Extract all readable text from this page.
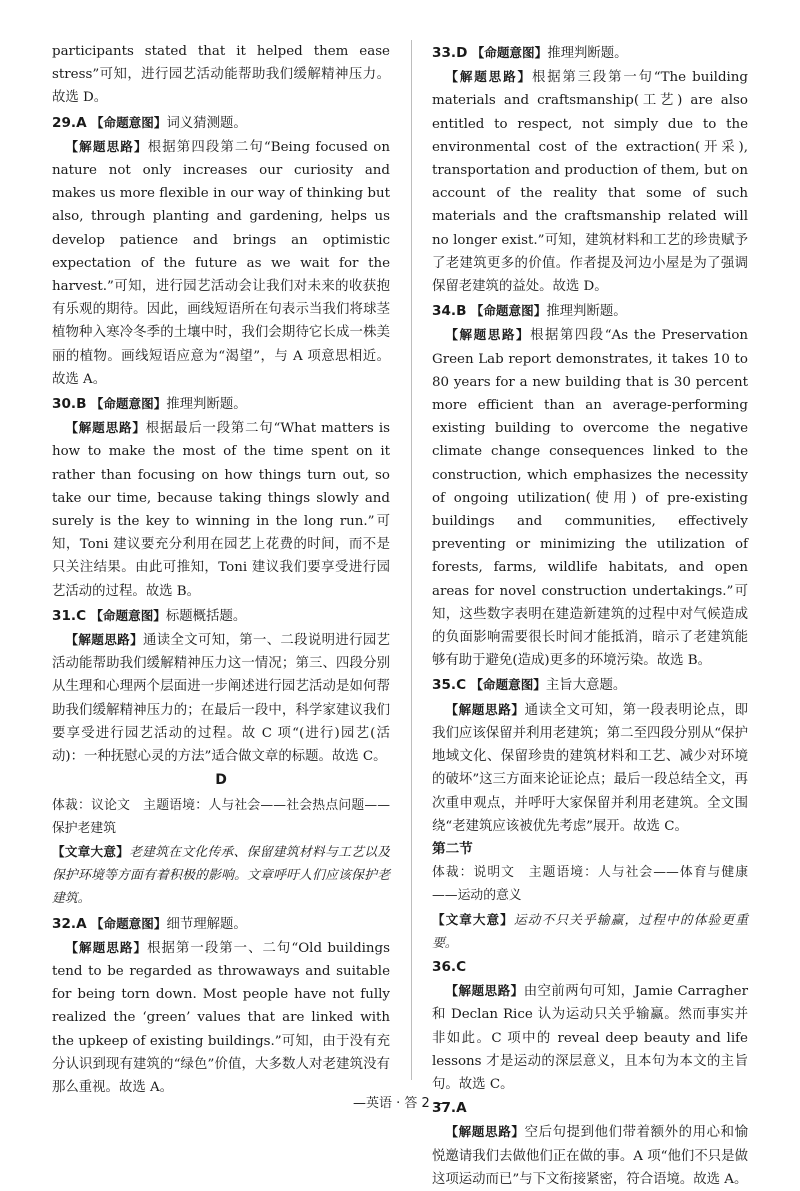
participants stated that it helped them ease stress”可知，进行园艺活动能帮助我们缓解精神压力。故选 D。

29.A 【命题意图】词义猜测题。

【解题思路】根据第四段第二句“Being focused on nature not only increases our curiosity and makes us more flexible in our way of thinking but also, through planting and gardening, helps us develop patience and brings an optimistic expectation of the future as we wait for the harvest.”可知，进行园艺活动会让我们对未来的收获抱有乐观的期待。因此，画线短语所在句表示当我们将球茎植物种入寒冷冬季的土壤中时，我们会期待它长成一株美丽的植物。画线短语应意为“渴望”，与 A 项意思相近。故选 A。

30.B 【命题意图】推理判断题。

【解题思路】根据最后一段第二句“What matters is how to make the most of the time spent on it rather than focusing on how things turn out, so take our time, because taking things slowly and surely is the key to winning in the long run.”可知，Toni 建议要充分利用在园艺上花费的时间，而不是只关注结果。由此可推知，Toni 建议我们要享受进行园艺活动的过程。故选 B。

31.C 【命题意图】标题概括题。

【解题思路】通读全文可知，第一、二段说明进行园艺活动能帮助我们缓解精神压力这一情况；第三、四段分别从生理和心理两个层面进一步阐述进行园艺活动是如何帮助我们缓解精神压力的；在最后一段中，科学家建议我们要享受进行园艺活动的过程。故 C 项“(进行)园艺(活动)：一种抚慰心灵的方法”适合做文章的标题。故选 C。

D

体裁：议论文　主题语境：人与社会——社会热点问题——保护老建筑

【文章大意】老建筑在文化传承、保留建筑材料与工艺以及保护环境等方面有着积极的影响。文章呼吁人们应该保护老建筑。

32.A 【命题意图】细节理解题。

【解题思路】根据第一段第一、二句“Old buildings tend to be regarded as throwaways and suitable for being torn down. Most people have not fully realized the ‘green’ values that are linked with the upkeep of existing buildings.”可知，由于没有充分认识到现有建筑的“绿色”价值，大多数人对老建筑没有那么重视。故选 A。

33.D 【命题意图】推理判断题。

【解题思路】根据第三段第一句“The building materials and craftsmanship(工艺) are also entitled to respect, not simply due to the environmental cost of the extraction(开采), transportation and production of them, but on account of the reality that some of such materials and the craftsmanship related will no longer exist.”可知，建筑材料和工艺的珍贵赋予了老建筑更多的价值。作者提及河边小屋是为了强调保留老建筑的益处。故选 D。

34.B 【命题意图】推理判断题。

【解题思路】根据第四段“As the Preservation Green Lab report demonstrates, it takes 10 to 80 years for a new building that is 30 percent more efficient than an average-performing existing building to overcome the negative climate change consequences linked to the construction, which emphasizes the necessity of ongoing utilization(使用) of pre-existing buildings and communities, effectively preventing or minimizing the utilization of forests, farms, wildlife habitats, and open areas for novel construction undertakings.”可知，这些数字表明在建造新建筑的过程中对气候造成的负面影响需要很长时间才能抵消，暗示了老建筑能够有助于避免(造成)更多的环境污染。故选 B。

35.C 【命题意图】主旨大意题。

【解题思路】通读全文可知，第一段表明论点，即我们应该保留并利用老建筑；第二至四段分别从“保护地域文化、保留珍贵的建筑材料和工艺、减少对环境的破坏”这三方面来论证论点；最后一段总结全文，再次重申观点，并呼吁大家保留并利用老建筑。全文围绕“老建筑应该被优先考虑”展开。故选 C。

第二节

体裁：说明文　主题语境：人与社会——体育与健康——运动的意义

【文章大意】运动不只关乎输赢，过程中的体验更重要。

36.C

【解题思路】由空前两句可知，Jamie Carragher 和 Declan Rice 认为运动只关乎输赢。然而事实并非如此。C 项中的 reveal deep beauty and life lessons 才是运动的深层意义，且本句为本文的主旨句。故选 C。

37.A

【解题思路】空后句提到他们带着额外的用心和愉悦邀请我们去做他们正在做的事。A 项“他们不只是做这项运动而已”与下文衔接紧密，符合语境。故选 A。

—英语 · 答 2 —
